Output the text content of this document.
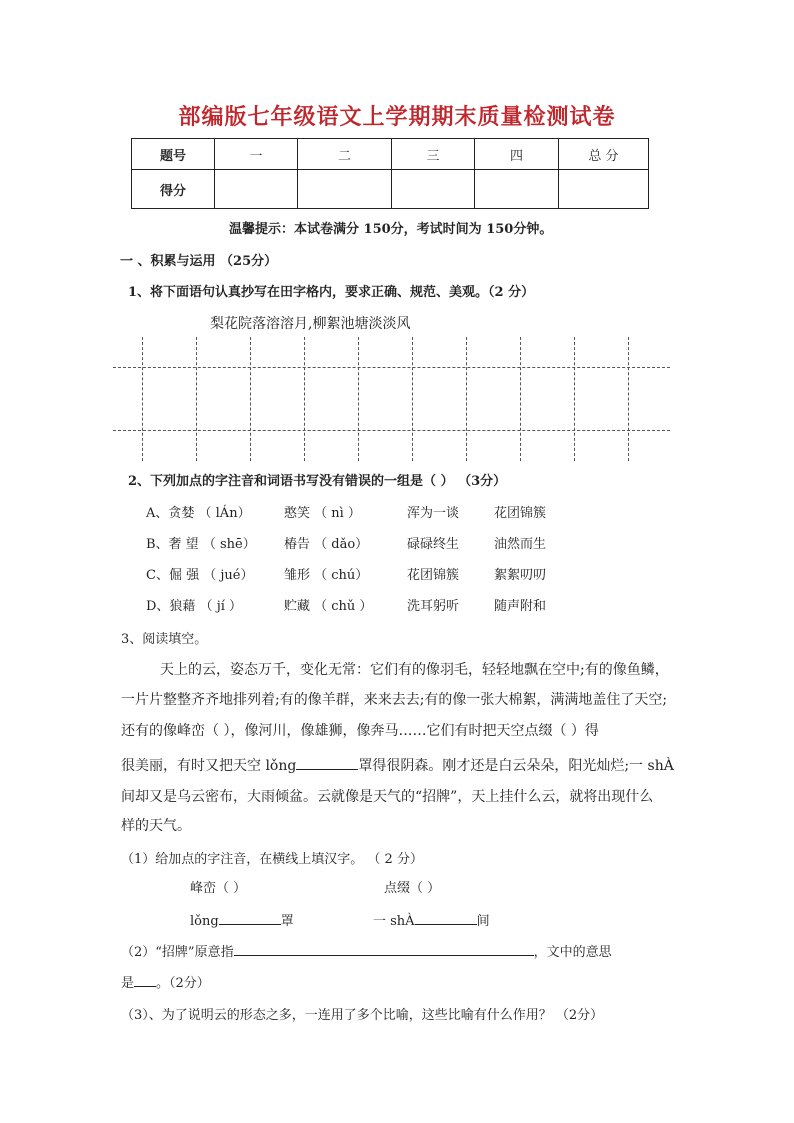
部编版七年级语文上学期期末质量检测试卷
题号	一	二	三	四	总 分
得分					
温馨提示：本试卷满分 150分，考试时间为 150分钟。
一 、积累与运用 （25分）
1、将下面语句认真抄写在田字格内，要求正确、规范、美观。（2 分）
梨花院落溶溶月,柳絮池塘淡淡风
2、下列加点的字注音和词语书写没有错误的一组是（ ） （3分）
A、贪婪 （ lÁn）	憨笑 （ nì ）	浑为一谈	花团锦簇
B、奢 望 （ shē） 椿告 （ dǎo）	碌碌终生	油然而生
C、倔 强 （ jué） 雏形 （ chú）	花团锦簇	絮絮叨叨
D、狼藉 （ jí ）	贮藏 （ chǔ ）	洗耳躬听	随声附和
3、阅读填空。
天上的云，姿态万千，变化无常：它们有的像羽毛，轻轻地飘在空中;有的像鱼鳞，
一片片整整齐齐地排列着;有的像羊群，来来去去;有的像一张大棉絮，满满地盖住了天空;
还有的像峰峦（ ），像河川，像雄狮，像奔马……它们有时把天空点缀（ ）得
很美丽，有时又把天空 lǒng	罩得很阴森。刚才还是白云朵朵，阳光灿烂;一 shÀ
间却又是乌云密布，大雨倾盆。云就像是天气的“招牌”，天上挂什么云，就将出现什么
样的天气。
（1）给加点的字注音，在横线上填汉字。 （ 2 分）
峰峦（ ）	点缀（ ）
lǒng	罩	一 shÀ	间
（2）“招牌”原意指	，文中的意思
是 。（2分）
（3）、为了说明云的形态之多，一连用了多个比喻，这些比喻有什么作用？ （2分）
